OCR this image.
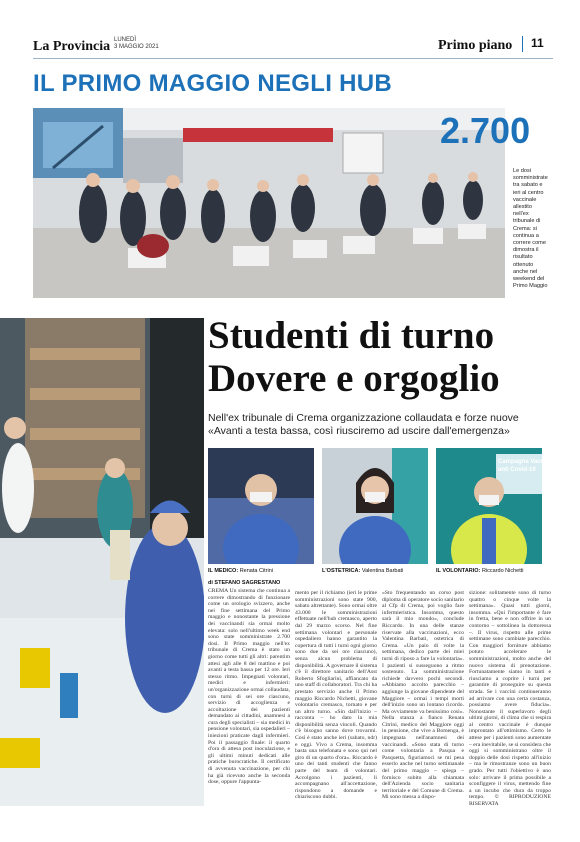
La Provincia LUNEDÌ
3 MAGGIO 2021	Primo piano 11
IL PRIMO MAGGIO NEGLI HUB
2.700
Le dosi somministrate tra sabato e ieri al centro vaccinale allestito nell'ex tribunale di Crema: si continua a correre come dimostra il risultato ottenuto anche nel weekend del Primo Maggio
Studenti di turno
Dovere e orgoglio
Nell'ex tribunale di Crema organizzazione collaudata e forze nuove
«Avanti a testa bassa, così riusciremo ad uscire dall'emergenza»
Campagna Vaccinazion
anti Covid-19
IL MEDICO: Renata Citrini	L'OSTETRICA: Valentina Barbati	IL VOLONTARIO: Riccardo Nichetti
di STEFANO SAGRESTANO
CREMA Un sistema che continua a correre dimostrando di funzionare come un orologio svizzero, anche nei fine settimana del Primo maggio e nonostante la pressione dei vaccinandi sia ormai molto elevata: solo nell'ultimo week end sono state somministrate 2.700 dosi. Il Primo maggio nell'ex tribunale di Crema è stato un giorno come tutti gli altri: parentim attesi agli alle 8 del mattino e poi avanti a testa bassa per 12 ore. Ieri stesso ritmo. Impegnati volontari, medici e infermieri: un'organizzazione ormai collaudata, con turni di sei ore ciascuno, servizio di accoglienza e accoltazione dei pazienti demandato ai cittadini, anamnesi a cura degli specialisti – sia medici in pensione volontari, sia ospedalieri – iniezioni praticate dagli infermieri. Poi il passaggio finale: il quarto d'ora di attesa post inoculazione, e gli ultimi minuti dedicati alle pratiche burocratiche. Il certificato di avvenuta vaccinazione, per chi ha già ricevuto anche la seconda dose, oppure l'appunta-
mento per il richiamo (ieri le prime somministrazioni sono state 900, sabato altrettante). Sono ormai oltre 43.000 le somministrazioni effettuate nell'hub cremasco, aperto dal 29 marzo scorso. Nel fine settimana volontari e personale ospedaliero hanno garantito la copertura di tutti i turni ogni giorno sono due da sei ore ciascuno), senza alcun problema di disponibilità. A governare il sistema c'è il direttore sanitario dell'Asst Roberto Sfogliarini, affiancato da uno staff di collaboratori. Tra chi ha prestato servizio anche il Primo maggio Riccardo Nichetti, giovane volontario cremasco, tornato e per un altro turno. «Sin dall'inizio – racconta – ho dato la mia disponibilità senza vincoli. Quando c'è bisogno sanno dove trovarmi. Così è stato anche ieri (sabato, ndr) e oggi. Vivo a Crema, insomma basta una telefonata e sono qui nel giro di un quarto d'ora». Riccardo è uno dei tanti studenti che fanno parte del team di volontari. Accolgono i pazienti, li accompagnano all'accettazione, rispondono a domande e chiariscono dubbi.
«Sto frequentando un corso post diploma di operatore socio sanitario al Cfp di Crema, poi voglio fare infermieristica. Insomma, questo sarà il mio mondo», conclude Riccardo. In una delle stanze riservate alla vaccinazioni, ecco Valentina Barbati, ostetrica di Crema. «Un paio di volte la settimana, dedico parte dei miei turni di riposo a fare la volontaria». I pazienti si susseguono a ritmo sostenuto. La somministrazione richiede davvero pochi secondi. «Abbiamo accolto parecchio – aggiunge la giovane dipendente del Maggiore – ormai i tempi morti dell'inizio sono un lontano ricordo. Ma ovviamente va benissimo così». Nella stanza a fianco Renata Citrini, medico del Maggiore oggi in pensione, che vive a Bomenga, è impegnata nell'anamnesi dei vaccinandi. «Sono stata di turno come volontaria a Pasqua e Pasquetta, figuriamoci se mi pesa esserlo anche nel turno settimanale del primo maggio – spiega – fornisco subito alla chiamata dell'Azienda socio sanitaria territoriale e del Comune di Crema. Mi sono messa a dispo-
sizione: solitamente sono di turno quattro o cinque volte la settimana». Quasi tutti giorni, insomma. «Qui l'importante è fare in fretta, bene e non offrire in un contorno – sottolinea la dottoressa –. Il virus, rispetto alle prime settimane sono cambiate parecchio. Con maggiori forniture abbiamo potuto accelerare le somministrazioni, molto anche del nuovo sistema di prenotazione. Fortunatamente siamo in tanti e riusciamo a coprire i turni per garantire di proseguire su questa strada. Se i vaccini continueranno ad arrivare con una certa costanza, possiamo avere fiducia». Nonostante il superlavoro degli ultimi giorni, di clima che si respira al centro vaccinale è dunque improntato all'ottimismo. Certo le attese per i pazienti sono aumentate – era inevitabile, se si considera che oggi si somministrano oltre il doppio delle dosi rispetto all'inizio – ma le rimostranze sono un buon grado. Per tutti l'obiettivo è uno solo: arrivare il prima possibile a sconfiggere il virus, mettendo fine a un incubo che dura da troppo tempo. © RIPRODUZIONE RISERVATA
